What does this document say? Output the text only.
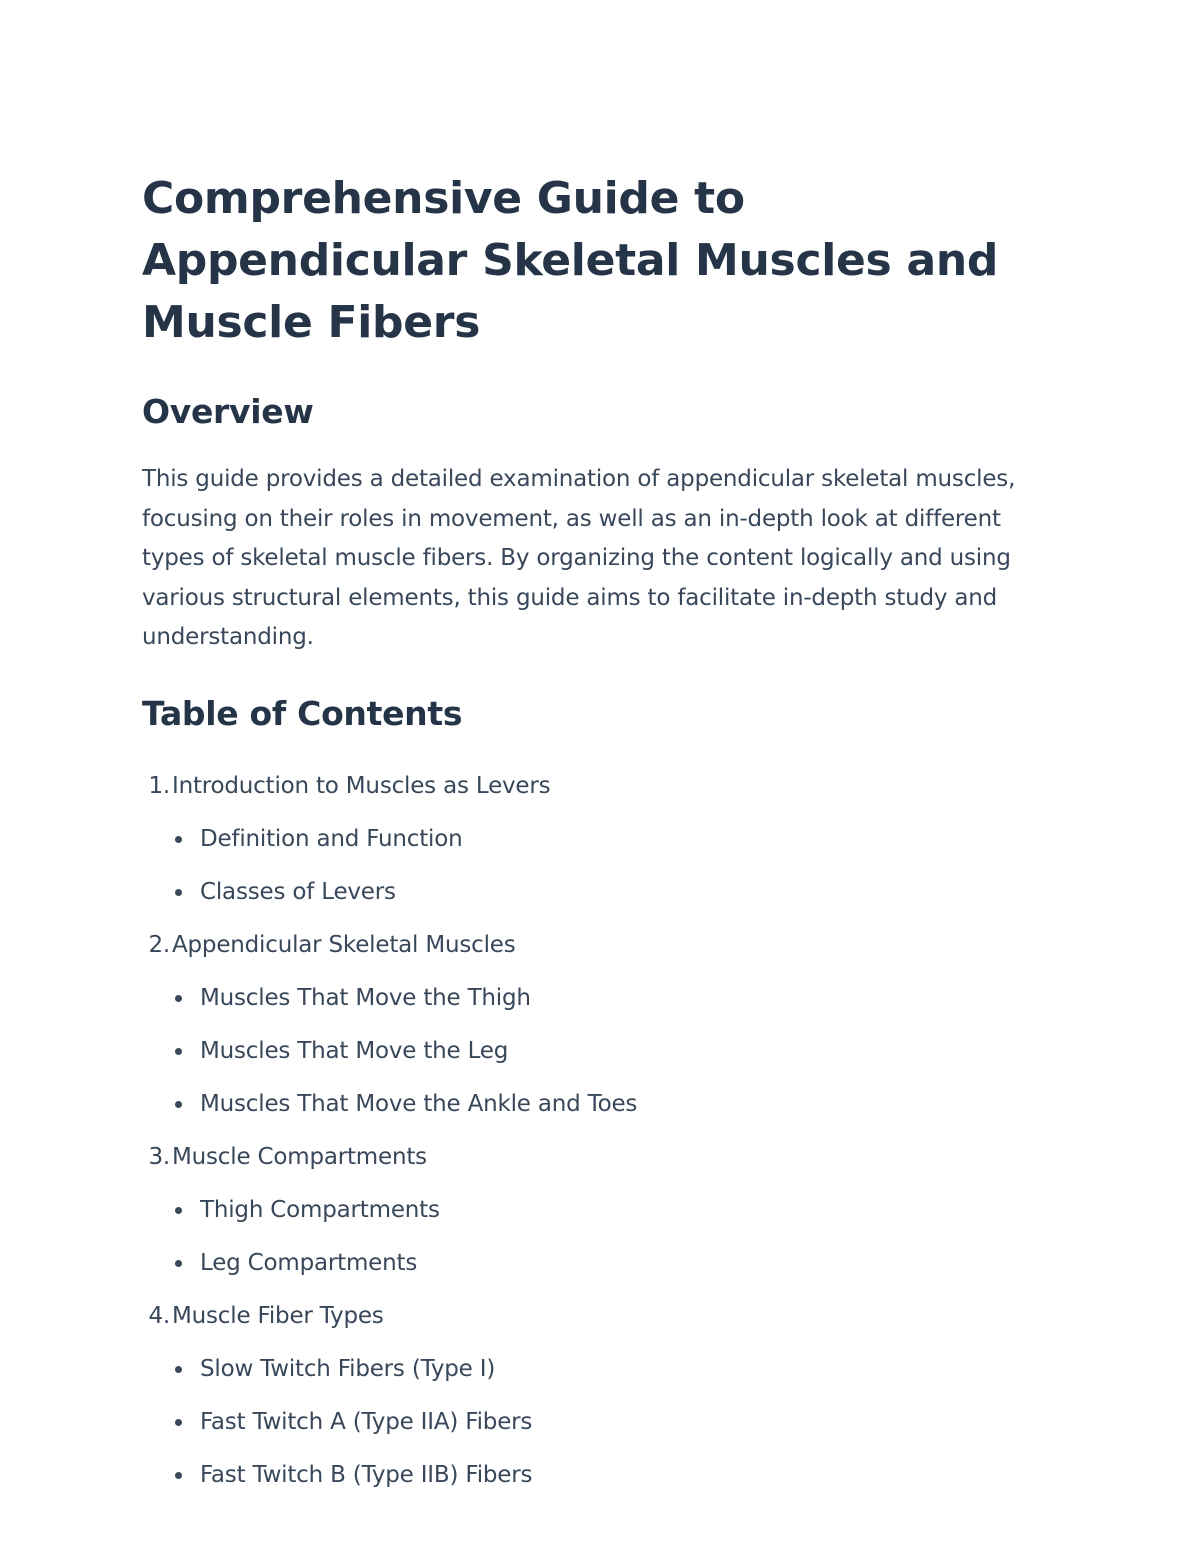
Comprehensive Guide to Appendicular Skeletal Muscles and Muscle Fibers
Overview

This guide provides a detailed examination of appendicular skeletal muscles, focusing on their roles in movement, as well as an in-depth look at different types of skeletal muscle fibers. By organizing the content logically and using various structural elements, this guide aims to facilitate in-depth study and understanding.

Table of Contents
1.Introduction to Muscles as Levers
Definition and Function
Classes of Levers
2.Appendicular Skeletal Muscles
Muscles That Move the Thigh
Muscles That Move the Leg
Muscles That Move the Ankle and Toes
3.Muscle Compartments
Thigh Compartments
Leg Compartments
4.Muscle Fiber Types
Slow Twitch Fibers (Type I)
Fast Twitch A (Type IIA) Fibers
Fast Twitch B (Type IIB) Fibers
